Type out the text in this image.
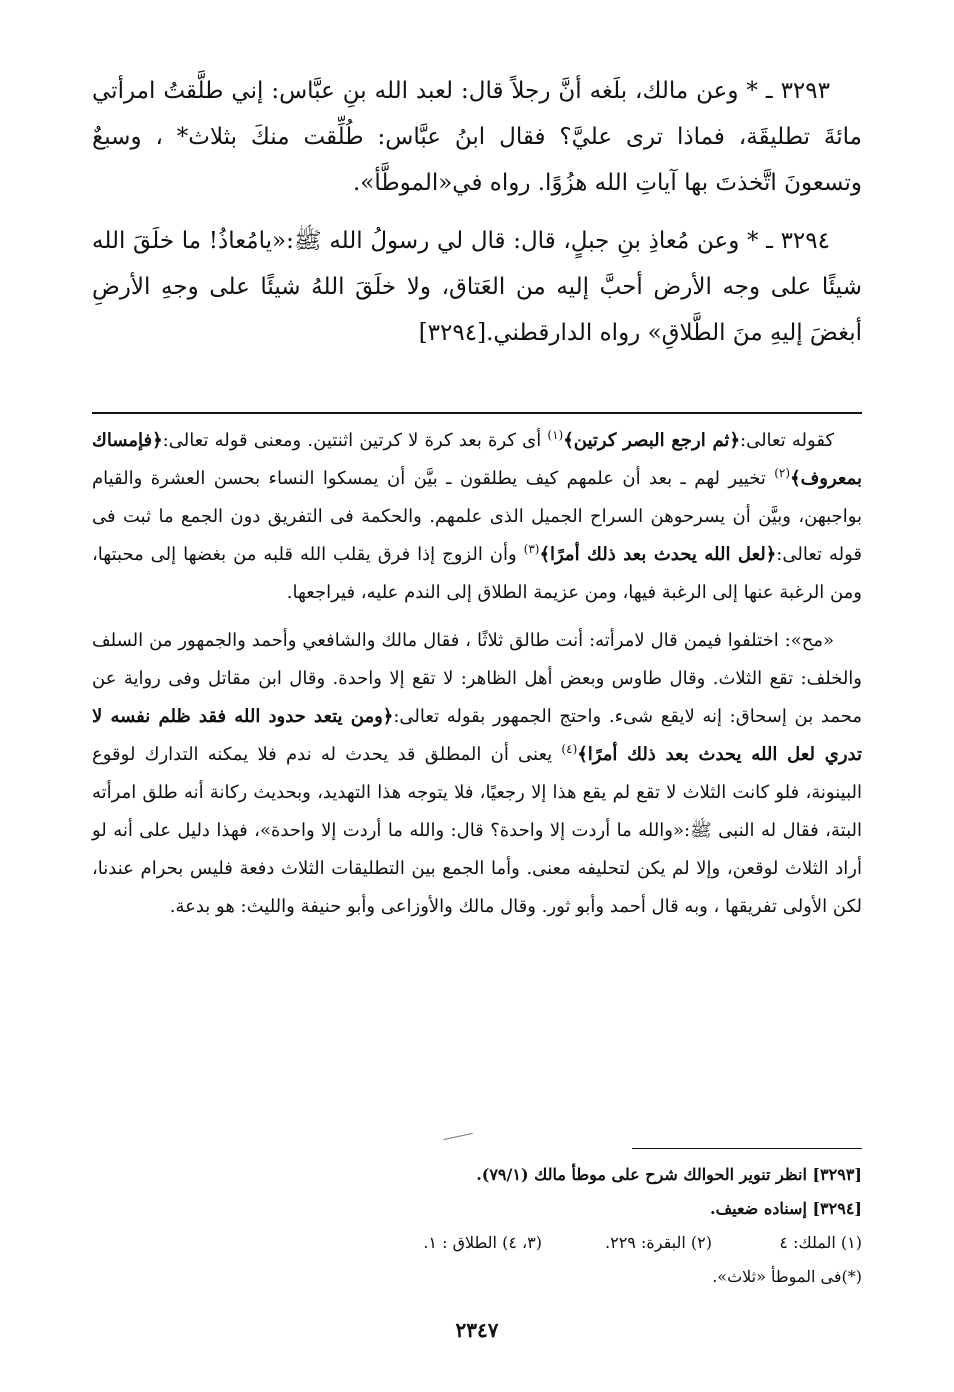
٣٢٩٣ ـ * وعن مالك، بلَغه أنَّ رجلاً قال: لعبد الله بنِ عبَّاس: إني طلَّقتُ امرأتي مائةَ تطليقَة، فماذا ترى عليَّ؟ فقال ابنُ عبَّاس: طُلِّقت منكَ بثلاث* ، وسبعٌ وتسعونَ اتَّخذتَ بها آياتِ الله هزُوًا. رواه في«الموطَّأ».

٣٢٩٤ ـ * وعن مُعاذِ بنِ جبلٍ، قال: قال لي رسولُ الله ﷺ:«يامُعاذُ! ما خلَقَ الله شيئًا على وجه الأرض أحبَّ إليه من العَتاق، ولا خلَقَ اللهُ شيئًا على وجهِ الأرضِ أبغضَ إليهِ منَ الطَّلاقِ» رواه الدارقطني.[٣٢٩٤]

كقوله تعالى:﴿ثم ارجع البصر كرتين﴾$^{(١)}$ أى كرة بعد كرة لا كرتين اثنتين. ومعنى قوله تعالى:﴿فإمساك بمعروف﴾$^{(٢)}$ تخيير لهم ـ بعد أن علمهم كيف يطلقون ـ بيَّن أن يمسكوا النساء بحسن العشرة والقيام بواجبهن، وبيَّن أن يسرحوهن السراح الجميل الذى علمهم. والحكمة فى التفريق دون الجمع ما ثبت فى قوله تعالى:﴿لعل الله يحدث بعد ذلك أمرًا﴾$^{(٣)}$ وأن الزوج إذا فرق يقلب الله قلبه من بغضها إلى محبتها، ومن الرغبة عنها إلى الرغبة فيها، ومن عزيمة الطلاق إلى الندم عليه، فيراجعها.

«مح»: اختلفوا فيمن قال لامرأته: أنت طالق ثلاثًا ، فقال مالك والشافعي وأحمد والجمهور من السلف والخلف: تقع الثلاث. وقال طاوس وبعض أهل الظاهر: لا تقع إلا واحدة. وقال ابن مقاتل وفى رواية عن محمد بن إسحاق: إنه لايقع شىء. واحتج الجمهور بقوله تعالى:﴿ومن يتعد حدود الله فقد ظلم نفسه لا تدري لعل الله يحدث بعد ذلك أمرًا﴾$^{(٤)}$ يعنى أن المطلق قد يحدث له ندم فلا يمكنه التدارك لوقوع البينونة، فلو كانت الثلاث لا تقع لم يقع هذا إلا رجعيًا، فلا يتوجه هذا التهديد، وبحديث ركانة أنه طلق امرأته البتة، فقال له النبى ﷺ:«والله ما أردت إلا واحدة؟ قال: والله ما أردت إلا واحدة»، فهذا دليل على أنه لو أراد الثلاث لوقعن، وإلا لم يكن لتحليفه معنى. وأما الجمع بين التطليقات الثلاث دفعة فليس بحرام عندنا، لكن الأولى تفريقها ، وبه قال أحمد وأبو ثور. وقال مالك والأوزاعى وأبو حنيفة والليث: هو بدعة.

[٣٢٩٣] انظر تنوير الحوالك شرح على موطأ مالك (٧٩/١).
[٣٢٩٤] إسناده ضعيف.
(١) الملك: ٤
(٢) البقرة: ٢٢٩.
(٣، ٤) الطلاق : ١.
(*)فى الموطأ «ثلاث».
٢٣٤٧
